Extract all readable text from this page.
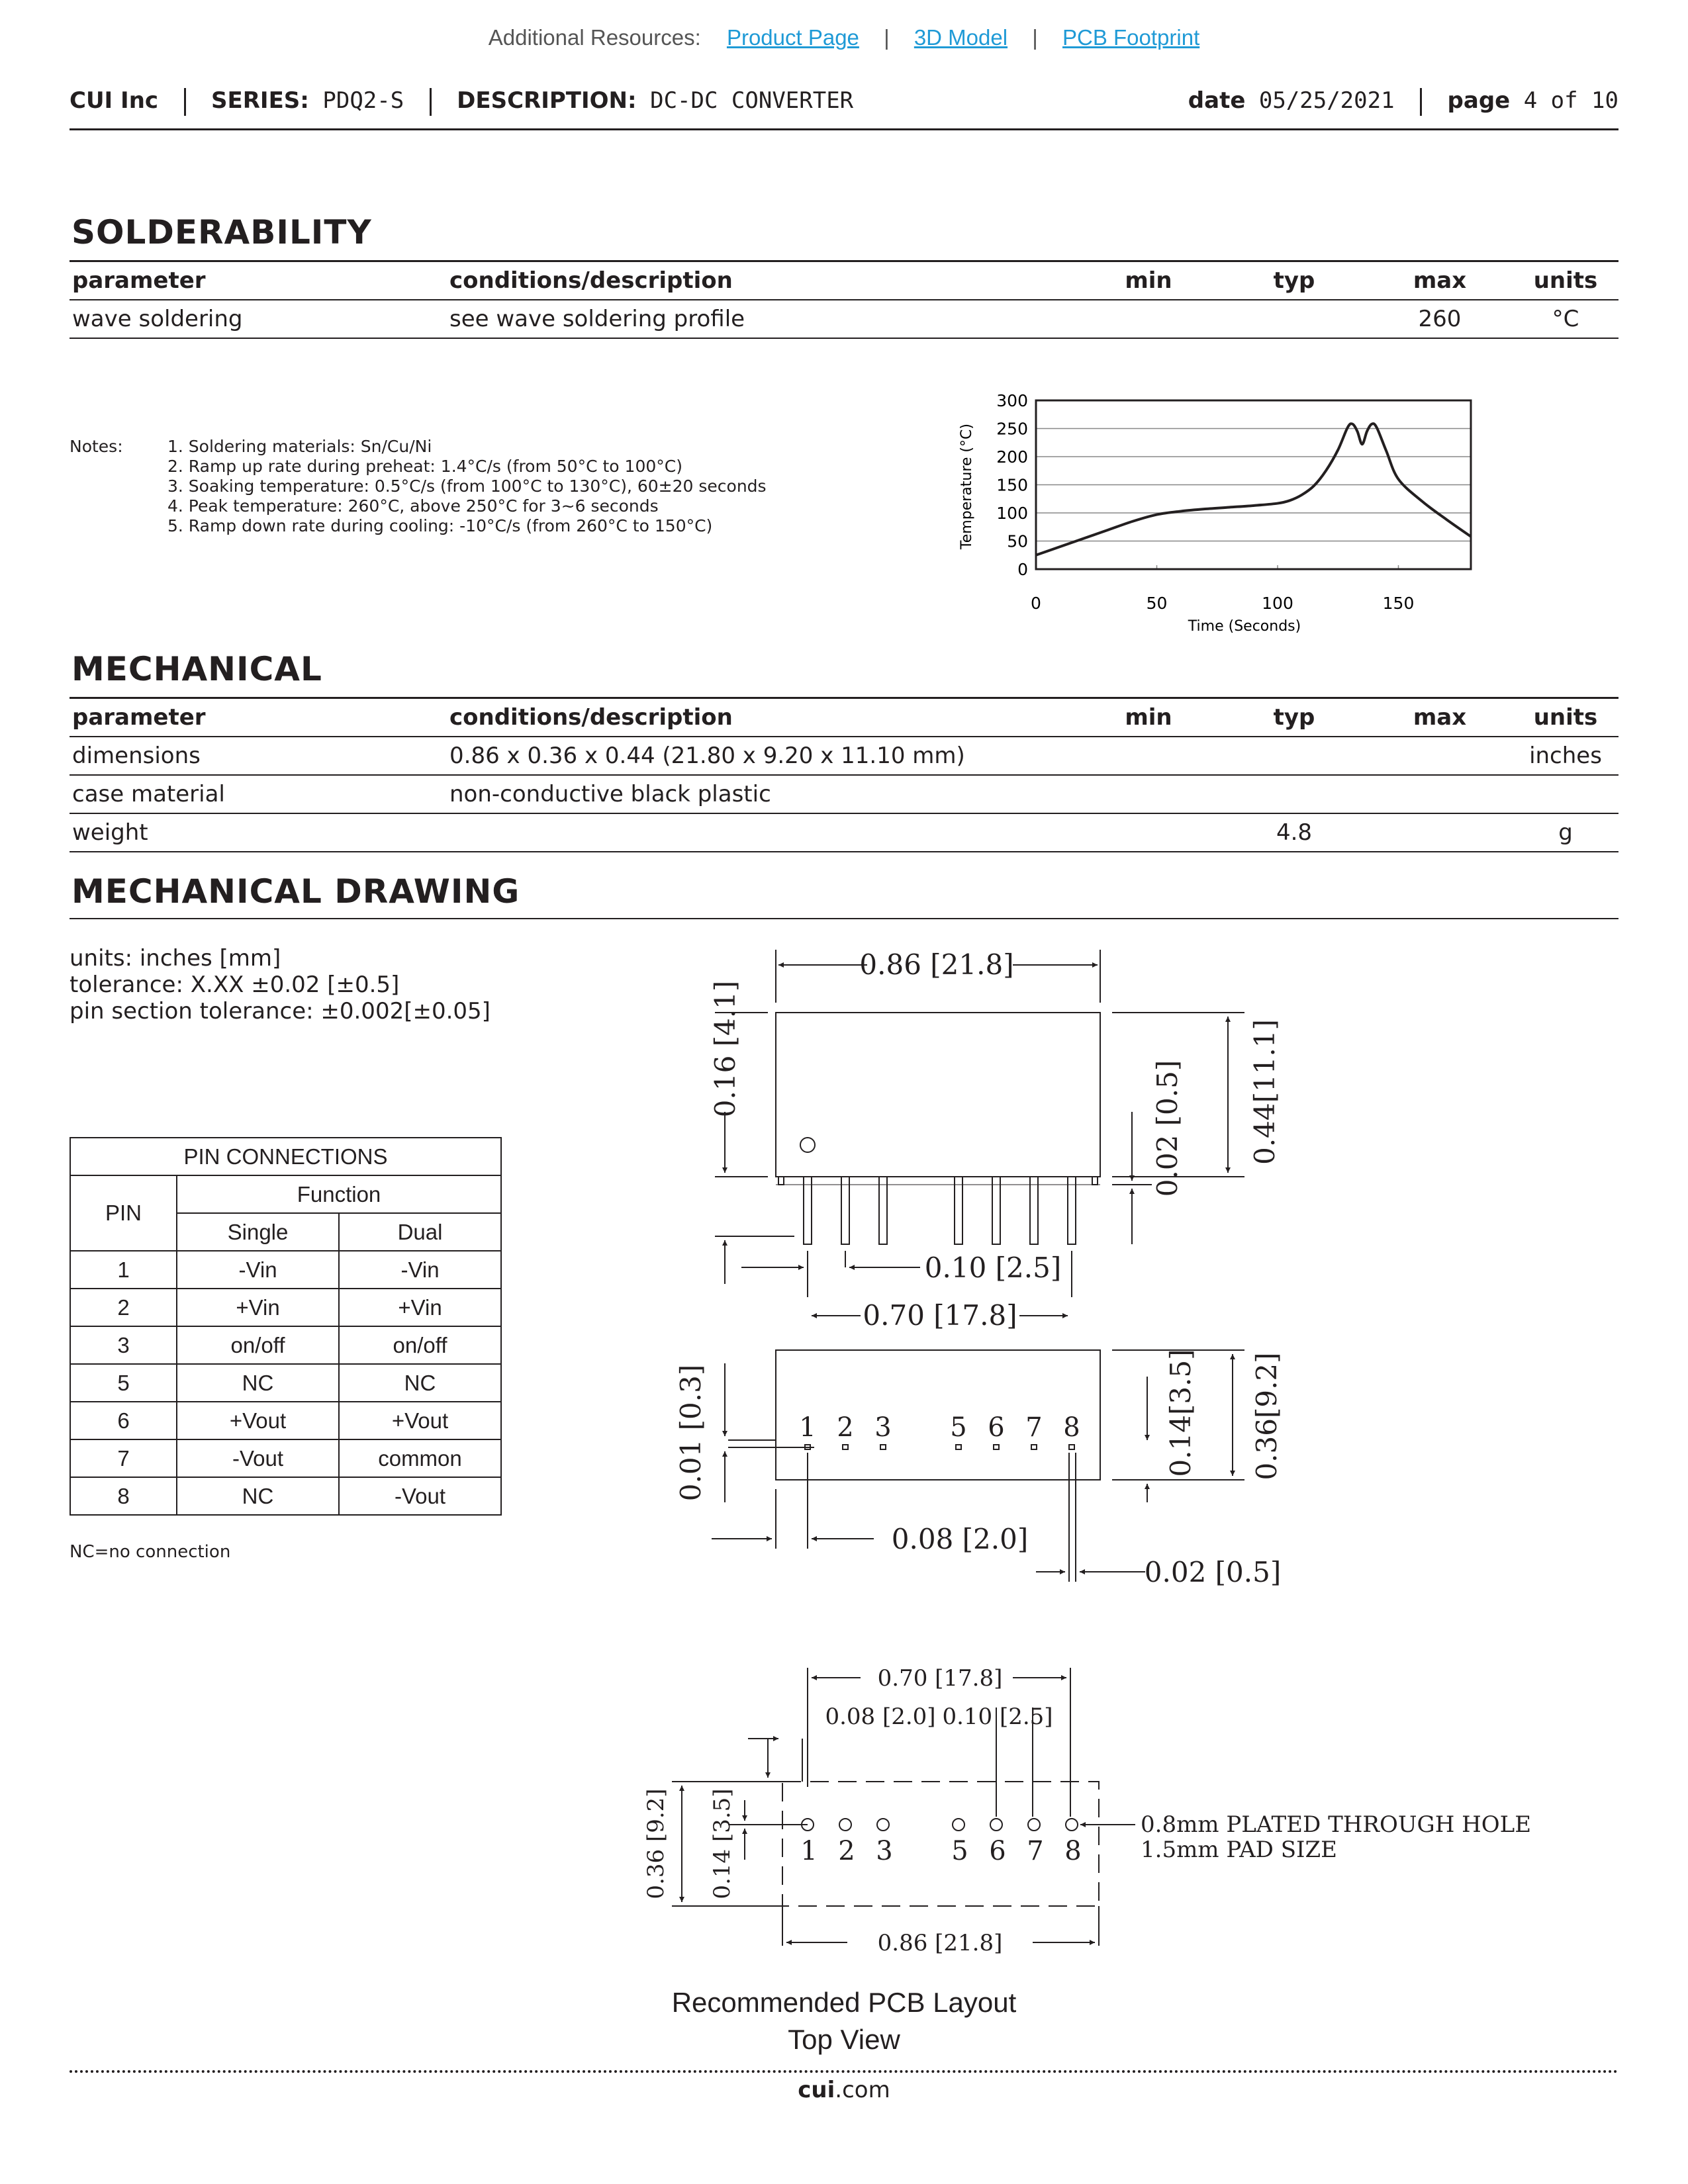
Additional Resources: Product Page | 3D Model | PCB Footprint
CUI Inc SERIES: PDQ2-S DESCRIPTION: DC-DC CONVERTER	date 05/25/2021 page 4 of 10
SOLDERABILITY
parameter	conditions/description	min	typ	max	units
wave soldering	see wave soldering profile			260	°C
Notes:	1. Soldering materials: Sn/Cu/Ni
2. Ramp up rate during preheat: 1.4°C/s (from 50°C to 100°C)
3. Soaking temperature: 0.5°C/s (from 100°C to 130°C), 60±20 seconds
4. Peak temperature: 260°C, above 250°C for 3~6 seconds
5. Ramp down rate during cooling: -10°C/s (from 260°C to 150°C)
0
50
100
150
200
250
300
0	50	100	150
Time (Seconds)
Temperature (°C)
MECHANICAL
parameter	conditions/description	min	typ	max	units
dimensions	0.86 x 0.36 x 0.44 (21.80 x 9.20 x 11.10 mm)				inches
case material	non-conductive black plastic				
weight			4.8		g
MECHANICAL DRAWING
units: inches [mm]
tolerance: X.XX ±0.02 [±0.5]
pin section tolerance: ±0.002[±0.05]
PIN CONNECTIONS		
PIN	Function	
	Single	Dual
1	-Vin	-Vin
2	+Vin	+Vin
3	on/off	on/off
5	NC	NC
6	+Vout	+Vout
7	-Vout	common
8	NC	-Vout
NC=no connection
0.86 [21.8]
0.16 [4.1]
0.02 [0.5] 0.44[11.1]
0.10 [2.5]
0.70 [17.8]
0.01 [0.3]	0.14[3.5] 0.36[9.2]
0.08 [2.0]
0.02 [0.5]
1 2 3 5 6 7 8
0.70 [17.8]
0.08 [2.0] 0.10 [2.5]
0.36 [9.2] 0.14 [3.5]
0.86 [21.8]
0.8mm PLATED THROUGH HOLE
1.5mm PAD SIZE
1 2 3 5 6 7 8
Recommended PCB Layout
Top View
cui.com
